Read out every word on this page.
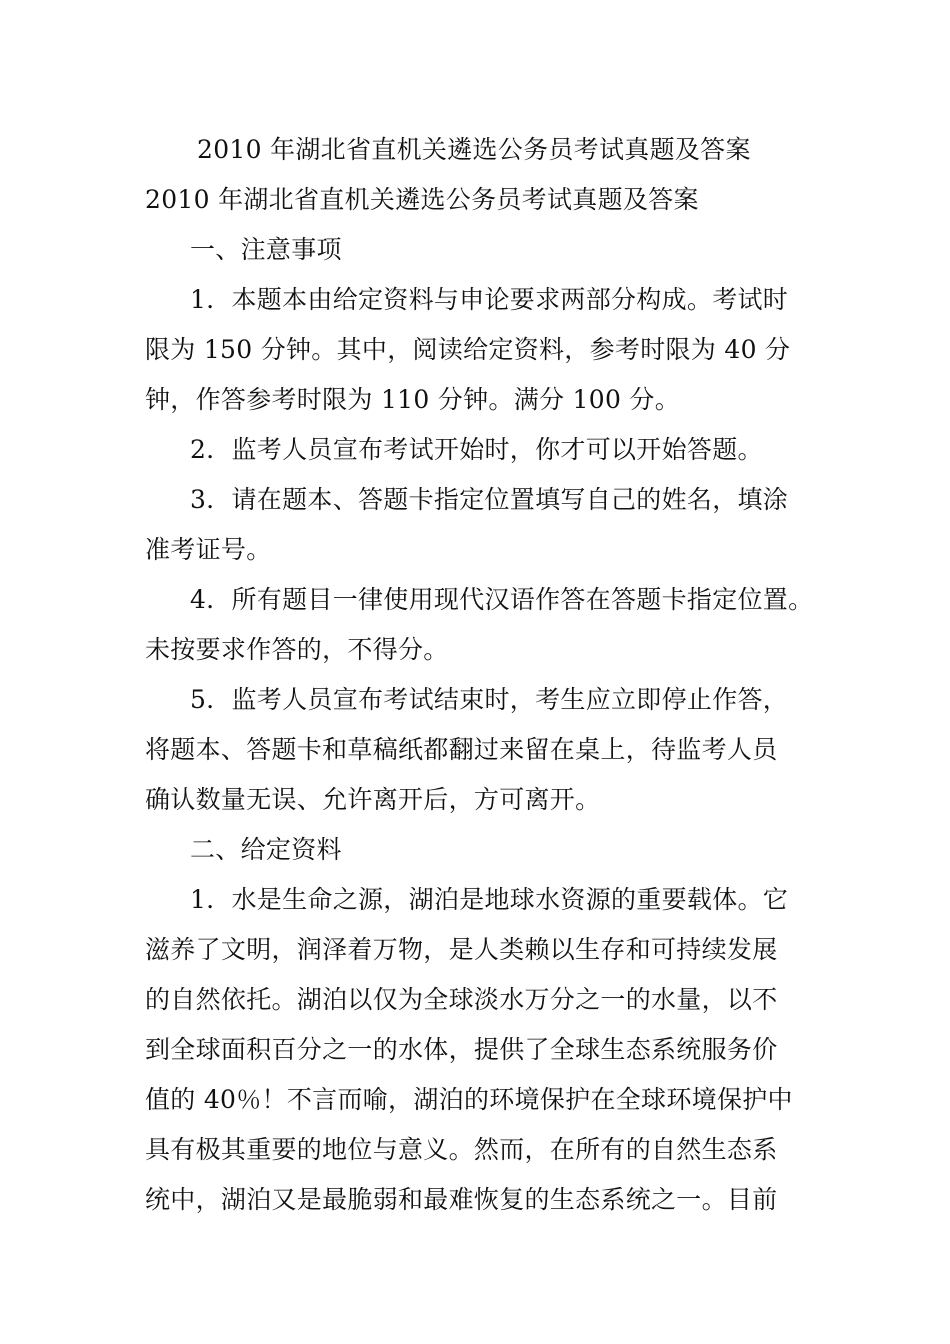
2010 年湖北省直机关遴选公务员考试真题及答案
2010 年湖北省直机关遴选公务员考试真题及答案
一、注意事项
1．本题本由给定资料与申论要求两部分构成。考试时
限为 150 分钟。其中，阅读给定资料，参考时限为 40 分
钟，作答参考时限为 110 分钟。满分 100 分。
2．监考人员宣布考试开始时，你才可以开始答题。
3．请在题本、答题卡指定位置填写自己的姓名，填涂
准考证号。
4．所有题目一律使用现代汉语作答在答题卡指定位置。
未按要求作答的，不得分。
5．监考人员宣布考试结束时，考生应立即停止作答，
将题本、答题卡和草稿纸都翻过来留在桌上，待监考人员
确认数量无误、允许离开后，方可离开。
二、给定资料
1．水是生命之源，湖泊是地球水资源的重要载体。它
滋养了文明，润泽着万物，是人类赖以生存和可持续发展
的自然依托。湖泊以仅为全球淡水万分之一的水量，以不
到全球面积百分之一的水体，提供了全球生态系统服务价
值的 40％！不言而喻，湖泊的环境保护在全球环境保护中
具有极其重要的地位与意义。然而，在所有的自然生态系
统中，湖泊又是最脆弱和最难恢复的生态系统之一。目前
